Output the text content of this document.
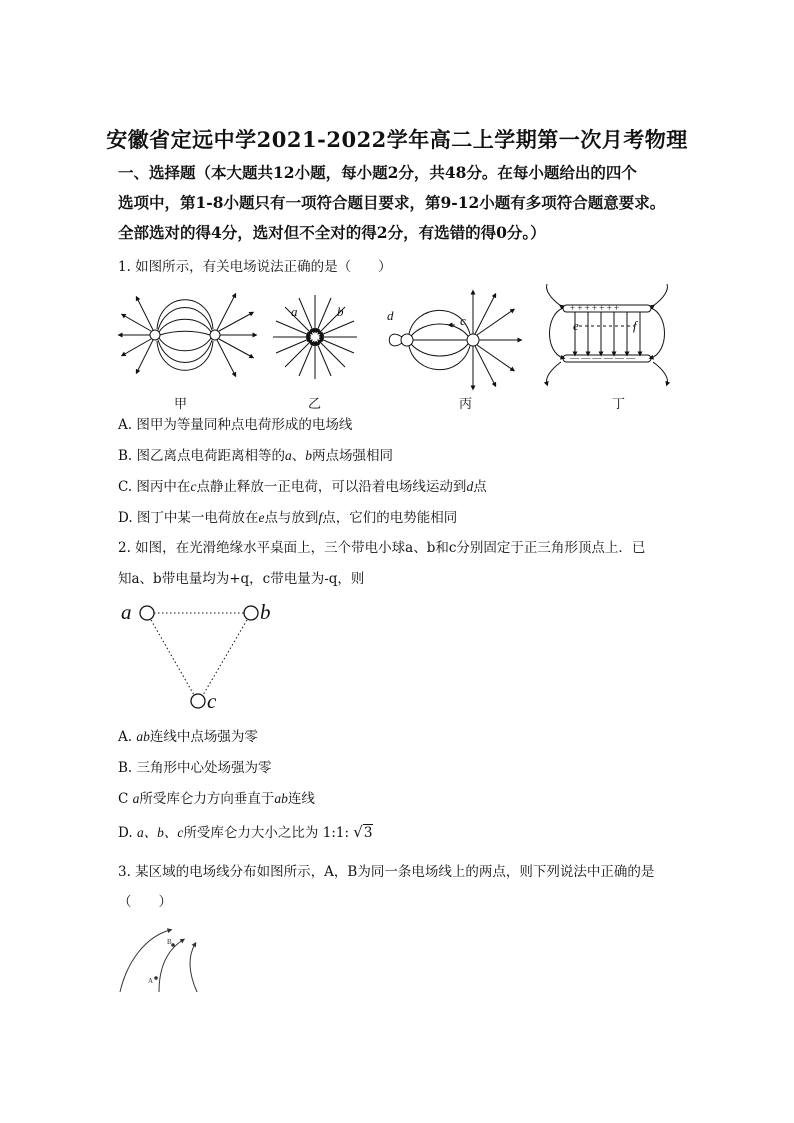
安徽省定远中学2021-2022学年高二上学期第一次月考物理
一、选择题（本大题共12小题，每小题2分，共48分。在每小题给出的四个
选项中，第1-8小题只有一项符合题目要求，第9-12小题有多项符合题意要求。
全部选对的得4分，选对但不全对的得2分，有选错的得0分。）
1. 如图所示，有关电场说法正确的是（　　）
a	b	d	c
+ + + + + + +
— — — — — —
e	f
甲	乙	丙	丁
A. 图甲为等量同种点电荷形成的电场线
B. 图乙离点电荷距离相等的a、b两点场强相同
C. 图丙中在c点静止释放一正电荷，可以沿着电场线运动到d点
D. 图丁中某一电荷放在e点与放到f点，它们的电势能相同
2. 如图，在光滑绝缘水平桌面上，三个带电小球a、b和c分别固定于正三角形顶点上．已
知a、b带电量均为+q，c带电量为-q，则
a	b
c
A. ab连线中点场强为零
B. 三角形中心处场强为零
C a所受库仑力方向垂直于ab连线
D. a、b、c所受库仑力大小之比为 1:1: √3
3. 某区域的电场线分布如图所示，A，B为同一条电场线上的两点，则下列说法中正确的是
（　　）
A
B
